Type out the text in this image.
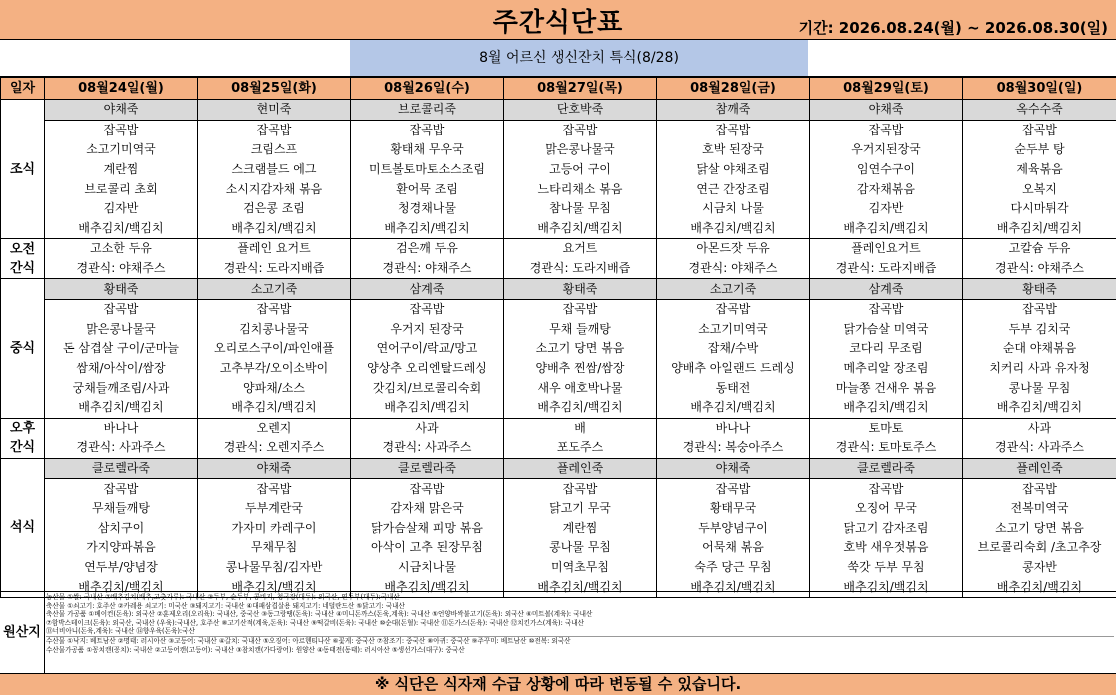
주간식단표	기간: 2026.08.24(월) ~ 2026.08.30(일)
8월 어르신 생신잔치 특식(8/28)
일자	08월24일(월)	08월25일(화)	08월26일(수)	08월27일(목)	08월28일(금)	08월29일(토)	08월30일(일)
조식	야채죽	현미죽	브로콜리죽	단호박죽	참깨죽	야채죽	옥수수죽
	잡곡밥	잡곡밥	잡곡밥	잡곡밥	잡곡밥	잡곡밥	잡곡밥
	소고기미역국	크림스프	황태채 무우국	맑은콩나물국	호박 된장국	우거지된장국	순두부 탕
	계란찜	스크램블드 에그	미트볼토마토소스조림	고등어 구이	닭살 야채조림	임연수구이	제육볶음
	브로콜리 초회	소시지감자채 볶음	환어묵 조림	느타리채소 볶음	연근 간장조림	감자채볶음	오복지
	김자반	검은콩 조림	청경채나물	참나물 무침	시금치 나물	김자반	다시마튀각
	배추김치/백김치	배추김치/백김치	배추김치/백김치	배추김치/백김치	배추김치/백김치	배추김치/백김치	배추김치/백김치

오전
간식	고소한 두유	플레인 요거트	검은깨 두유	요거트	아몬드잣 두유	플레인요거트	고칼슘 두유
	경관식: 야채주스	경관식: 도라지배즙	경관식: 야채주스	경관식: 도라지배즙	경관식: 야채주스	경관식: 도라지배즙	경관식: 야채주스
중식	황태죽	소고기죽	삼계죽	황태죽	소고기죽	삼계죽	황태죽
	잡곡밥	잡곡밥	잡곡밥	잡곡밥	잡곡밥	잡곡밥	잡곡밥
	맑은콩나물국	김치콩나물국	우거지 된장국	무채 들깨탕	소고기미역국	닭가슴살 미역국	두부 김치국
	돈 삼겹살 구이/군마늘	오리로스구이/파인애플	연어구이/락교/망고	소고기 당면 볶음	잡채/수박	코다리 무조림	순대 야채볶음
	쌈채/아삭이/쌈장	고추부각/오이소박이	양상추 오리엔탈드레싱	양배추 찐쌈/쌈장	양배추 아일랜드 드레싱	메추리알 장조림	치커리 사과 유자청
	궁채들깨조림/사과	양파채/소스	갓김치/브로콜리숙회	새우 애호박나물	동태전	마늘쫑 건새우 볶음	콩나물 무침
	배추김치/백김치	배추김치/백김치	배추김치/백김치	배추김치/백김치	배추김치/백김치	배추김치/백김치	배추김치/백김치

오후
간식	바나나	오렌지	사과	배	바나나	토마토	사과
	경관식: 사과주스	경관식: 오렌지주스	경관식: 사과주스	포도주스	경관식: 복숭아주스	경관식: 토마토주스	경관식: 사과주스
석식	클로렐라죽	야채죽	클로렐라죽	플레인죽	야채죽	클로렐라죽	플레인죽
	잡곡밥	잡곡밥	잡곡밥	잡곡밥	잡곡밥	잡곡밥	잡곡밥
	무채들깨탕	두부계란국	감자채 맑은국	닭고기 무국	황태무국	오징어 무국	전복미역국
	삼치구이	가자미 카레구이	닭가슴살채 피망 볶음	계란찜	두부양념구이	닭고기 감자조림	소고기 당면 볶음
	가지양파볶음	무채무침	아삭이 고추 된장무침	콩나물 무침	어묵채 볶음	호박 새우젓볶음	브로콜리숙회 /초고추장
	연두부/양념장	콩나물무침/김자반	시금치나물	미역초무침	숙주 당근 무침	쑥갓 두부 무침	콩자반
	배추김치/백김치	배추김치/백김치	배추김치/백김치	배추김치/백김치	배추김치/백김치	배추김치/백김치	배추김치/백김치
원산지
농산물 ①쌀: 국내산 ②배추김치(배추,고춧가루): 국내산 ③두부, 순두부, 콩비지, 청국장(대두): 외국산, 연두부(대두):국내산
축산물 ①쇠고기: 호주산 ②카레용 쇠고기: 미국산 ③돼지고기: 국내산 ④대패삼겹살용 돼지고기: 네덜란드산 ⑤닭고기: 국내산
축산물 가공품 ①베이컨(돈육): 외국산 ②훈제오리(오리육): 국내산, 중국산 ③동그랑땡(돈육): 국내산 ④미니돈까스(돈육,계육): 국내산 ⑤언양바싹불고기(돈육): 외국산 ⑥미트볼(계육): 국내산
⑦함박스테이크(돈육): 외국산, 국내산 (우육):국내산, 호주산 ⑧고기산적(계육,돈육): 국내산 ⑨떡갈비(돈육): 국내산 ⑩순대(돈혈): 국내산 ⑪돈가스(돈육): 국내산 ⑫치킨가스(계육): 국내산
⑬너비아니(돈육,계육): 국내산 ⑭향우육(돈육):국산
수산물 ①낙지: 베트남산 ②명태: 러시아산 ③고등어: 국내산 ④갈치: 국내산 ⑤오징어: 아르헨티나산 ⑥꽃게: 중국산 ⑦참조기: 중국산 ⑧아귀: 중국산 ⑨주꾸미: 베트남산 ⑩전복: 외국산
수산물가공품 ①꽁치캔(꽁치): 국내산 ②고등어캔(고등어): 국내산 ③참치캔(가다랑어): 원양산 ④동태전(동태): 러시아산 ⑤생선가스(대구): 중국산
※ 식단은 식자재 수급 상황에 따라 변동될 수 있습니다.
